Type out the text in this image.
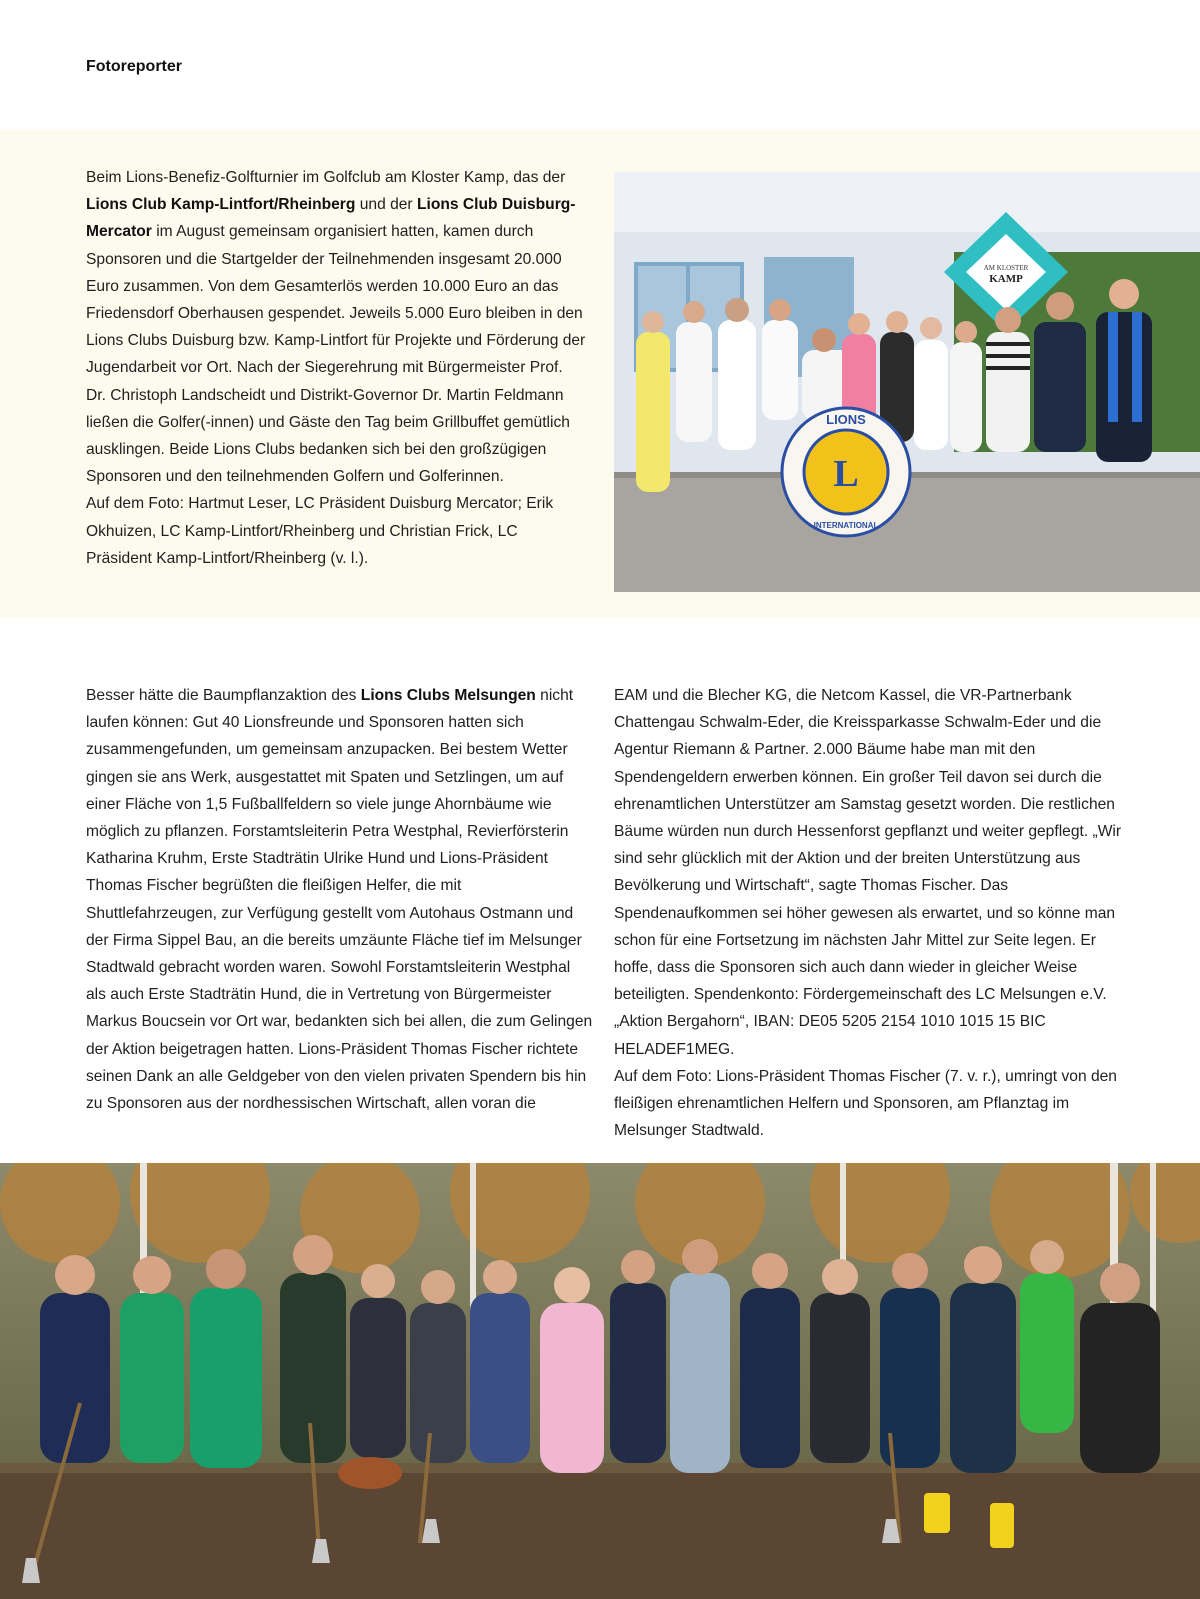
Fotoreporter

Beim Lions-Benefiz-Golfturnier im Golfclub am Kloster Kamp, das der Lions Club Kamp-Lintfort/Rheinberg und der Lions Club Duisburg-Mercator im August gemeinsam organisiert hatten, kamen durch Sponsoren und die Startgelder der Teilnehmenden insgesamt 20.000 Euro zusammen. Von dem Gesamterlös werden 10.000 Euro an das Friedensdorf Oberhausen gespendet. Jeweils 5.000 Euro bleiben in den Lions Clubs Duisburg bzw. Kamp-Lintfort für Projekte und Förderung der Jugendarbeit vor Ort. Nach der Siegerehrung mit Bürgermeister Prof. Dr. Christoph Landscheidt und Distrikt-Governor Dr. Martin Feldmann ließen die Golfer(-innen) und Gäste den Tag beim Grillbuffet gemütlich ausklingen. Beide Lions Clubs bedanken sich bei den großzügigen Sponsoren und den teilnehmenden Golfern und Golferinnen.

Auf dem Foto: Hartmut Leser, LC Präsident Duisburg Mercator; Erik Okhuizen, LC Kamp-Lintfort/Rheinberg und Christian Frick, LC Präsident Kamp-Lintfort/Rheinberg (v. l.).

AM KLOSTER
KAMP
LIONS
L
INTERNATIONAL

Besser hätte die Baumpflanzaktion des Lions Clubs Melsungen nicht laufen können: Gut 40 Lionsfreunde und Sponsoren hatten sich zusammengefunden, um gemeinsam anzupacken. Bei bestem Wetter gingen sie ans Werk, ausgestattet mit Spaten und Setzlingen, um auf einer Fläche von 1,5 Fußballfeldern so viele junge Ahornbäume wie möglich zu pflanzen. Forstamtsleiterin Petra Westphal, Revierförsterin Katharina Kruhm, Erste Stadträtin Ulrike Hund und Lions-Präsident Thomas Fischer begrüßten die fleißigen Helfer, die mit Shuttlefahrzeugen, zur Verfügung gestellt vom Autohaus Ostmann und der Firma Sippel Bau, an die bereits umzäunte Fläche tief im Melsunger Stadtwald gebracht worden waren. Sowohl Forstamtsleiterin Westphal als auch Erste Stadträtin Hund, die in Vertretung von Bürgermeister Markus Boucsein vor Ort war, bedankten sich bei allen, die zum Gelingen der Aktion beigetragen hatten. Lions-Präsident Thomas Fischer richtete seinen Dank an alle Geldgeber von den vielen privaten Spendern bis hin zu Sponsoren aus der nordhessischen Wirtschaft, allen voran die

EAM und die Blecher KG, die Netcom Kassel, die VR-Partnerbank Chattengau Schwalm-Eder, die Kreissparkasse Schwalm-Eder und die Agentur Riemann & Partner. 2.000 Bäume habe man mit den Spendengeldern erwerben können. Ein großer Teil davon sei durch die ehrenamtlichen Unterstützer am Samstag gesetzt worden. Die restlichen Bäume würden nun durch Hessenforst gepflanzt und weiter gepflegt. „Wir sind sehr glücklich mit der Aktion und der breiten Unterstützung aus Bevölkerung und Wirtschaft“, sagte Thomas Fischer. Das Spendenaufkommen sei höher gewesen als erwartet, und so könne man schon für eine Fortsetzung im nächsten Jahr Mittel zur Seite legen. Er hoffe, dass die Sponsoren sich auch dann wieder in gleicher Weise beteiligten. Spendenkonto: Fördergemeinschaft des LC Melsungen e.V. „Aktion Bergahorn“, IBAN: DE05 5205 2154 1010 1015 15 BIC HELADEF1MEG.

Auf dem Foto: Lions-Präsident Thomas Fischer (7. v. r.), umringt von den fleißigen ehrenamtlichen Helfern und Sponsoren, am Pflanztag im Melsunger Stadtwald.
